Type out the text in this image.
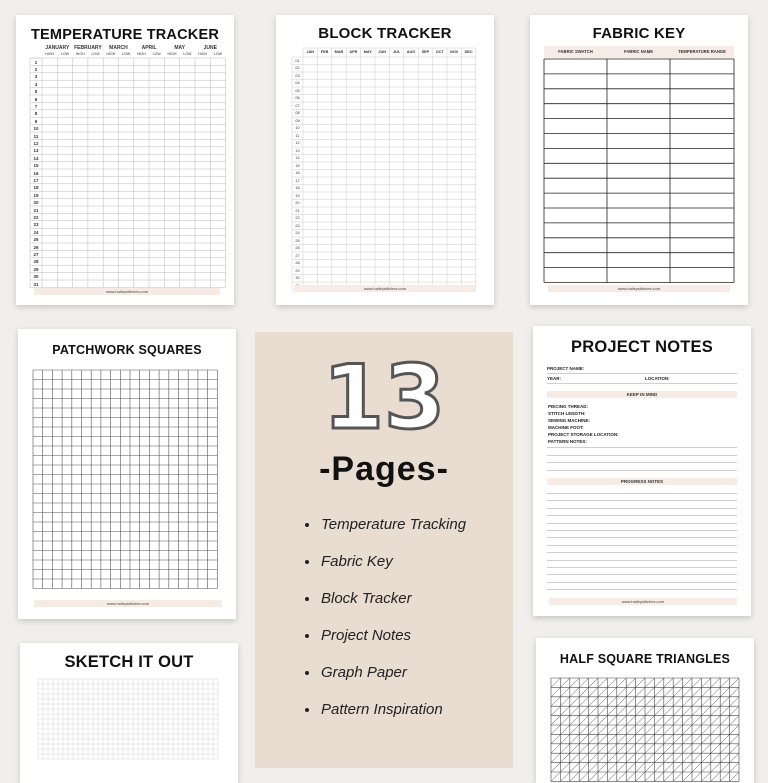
TEMPERATURE TRACKER
JANUARY FEBRUARY	MARCH	APRIL	MAY	JUNE
HIGH	LOW	HIGH	LOW	HIGH	LOW	HIGH	LOW	HIGH	LOW	HIGH	LOW
1
2
3
4
5
6
7
8
9
10
11
12
13
14
15
16
17
18
19
20
21
22
23
24
25
26
27
28
29
30
31
www.haileystitches.com
BLOCK TRACKER
JAN	FEB	MAR	APR	MAY	JUN	JUL	AUG	SEP	OCT	NOV	DEC
01
02
03
04
05
06
07
08
09
10
11
12
13
14
15
16
17
18
19
20
21
22
23
24
25
26
27
28
29
30
www.haileystitches.com
FABRIC KEY
FABRIC SWATCH	FABRIC NAME	TEMPERATURE RANGE
www.haileystitches.com
PATCHWORK SQUARES
www.haileystitches.com
13
-Pages-
Temperature Tracking
Fabric Key
Block Tracker
Project Notes
Graph Paper
Pattern Inspiration
PROJECT NOTES
PROJECT NAME:
YEAR:	LOCATION:
KEEP IN MIND
PIECING THREAD:
STITCH LENGTH:
SEWING MACHINE:
MACHINE FOOT:
PROJECT STORAGE LOCATION:
PATTERN NOTES:
PROGRESS NOTES
www.haileystitches.com
SKETCH IT OUT	HALF SQUARE TRIANGLES
